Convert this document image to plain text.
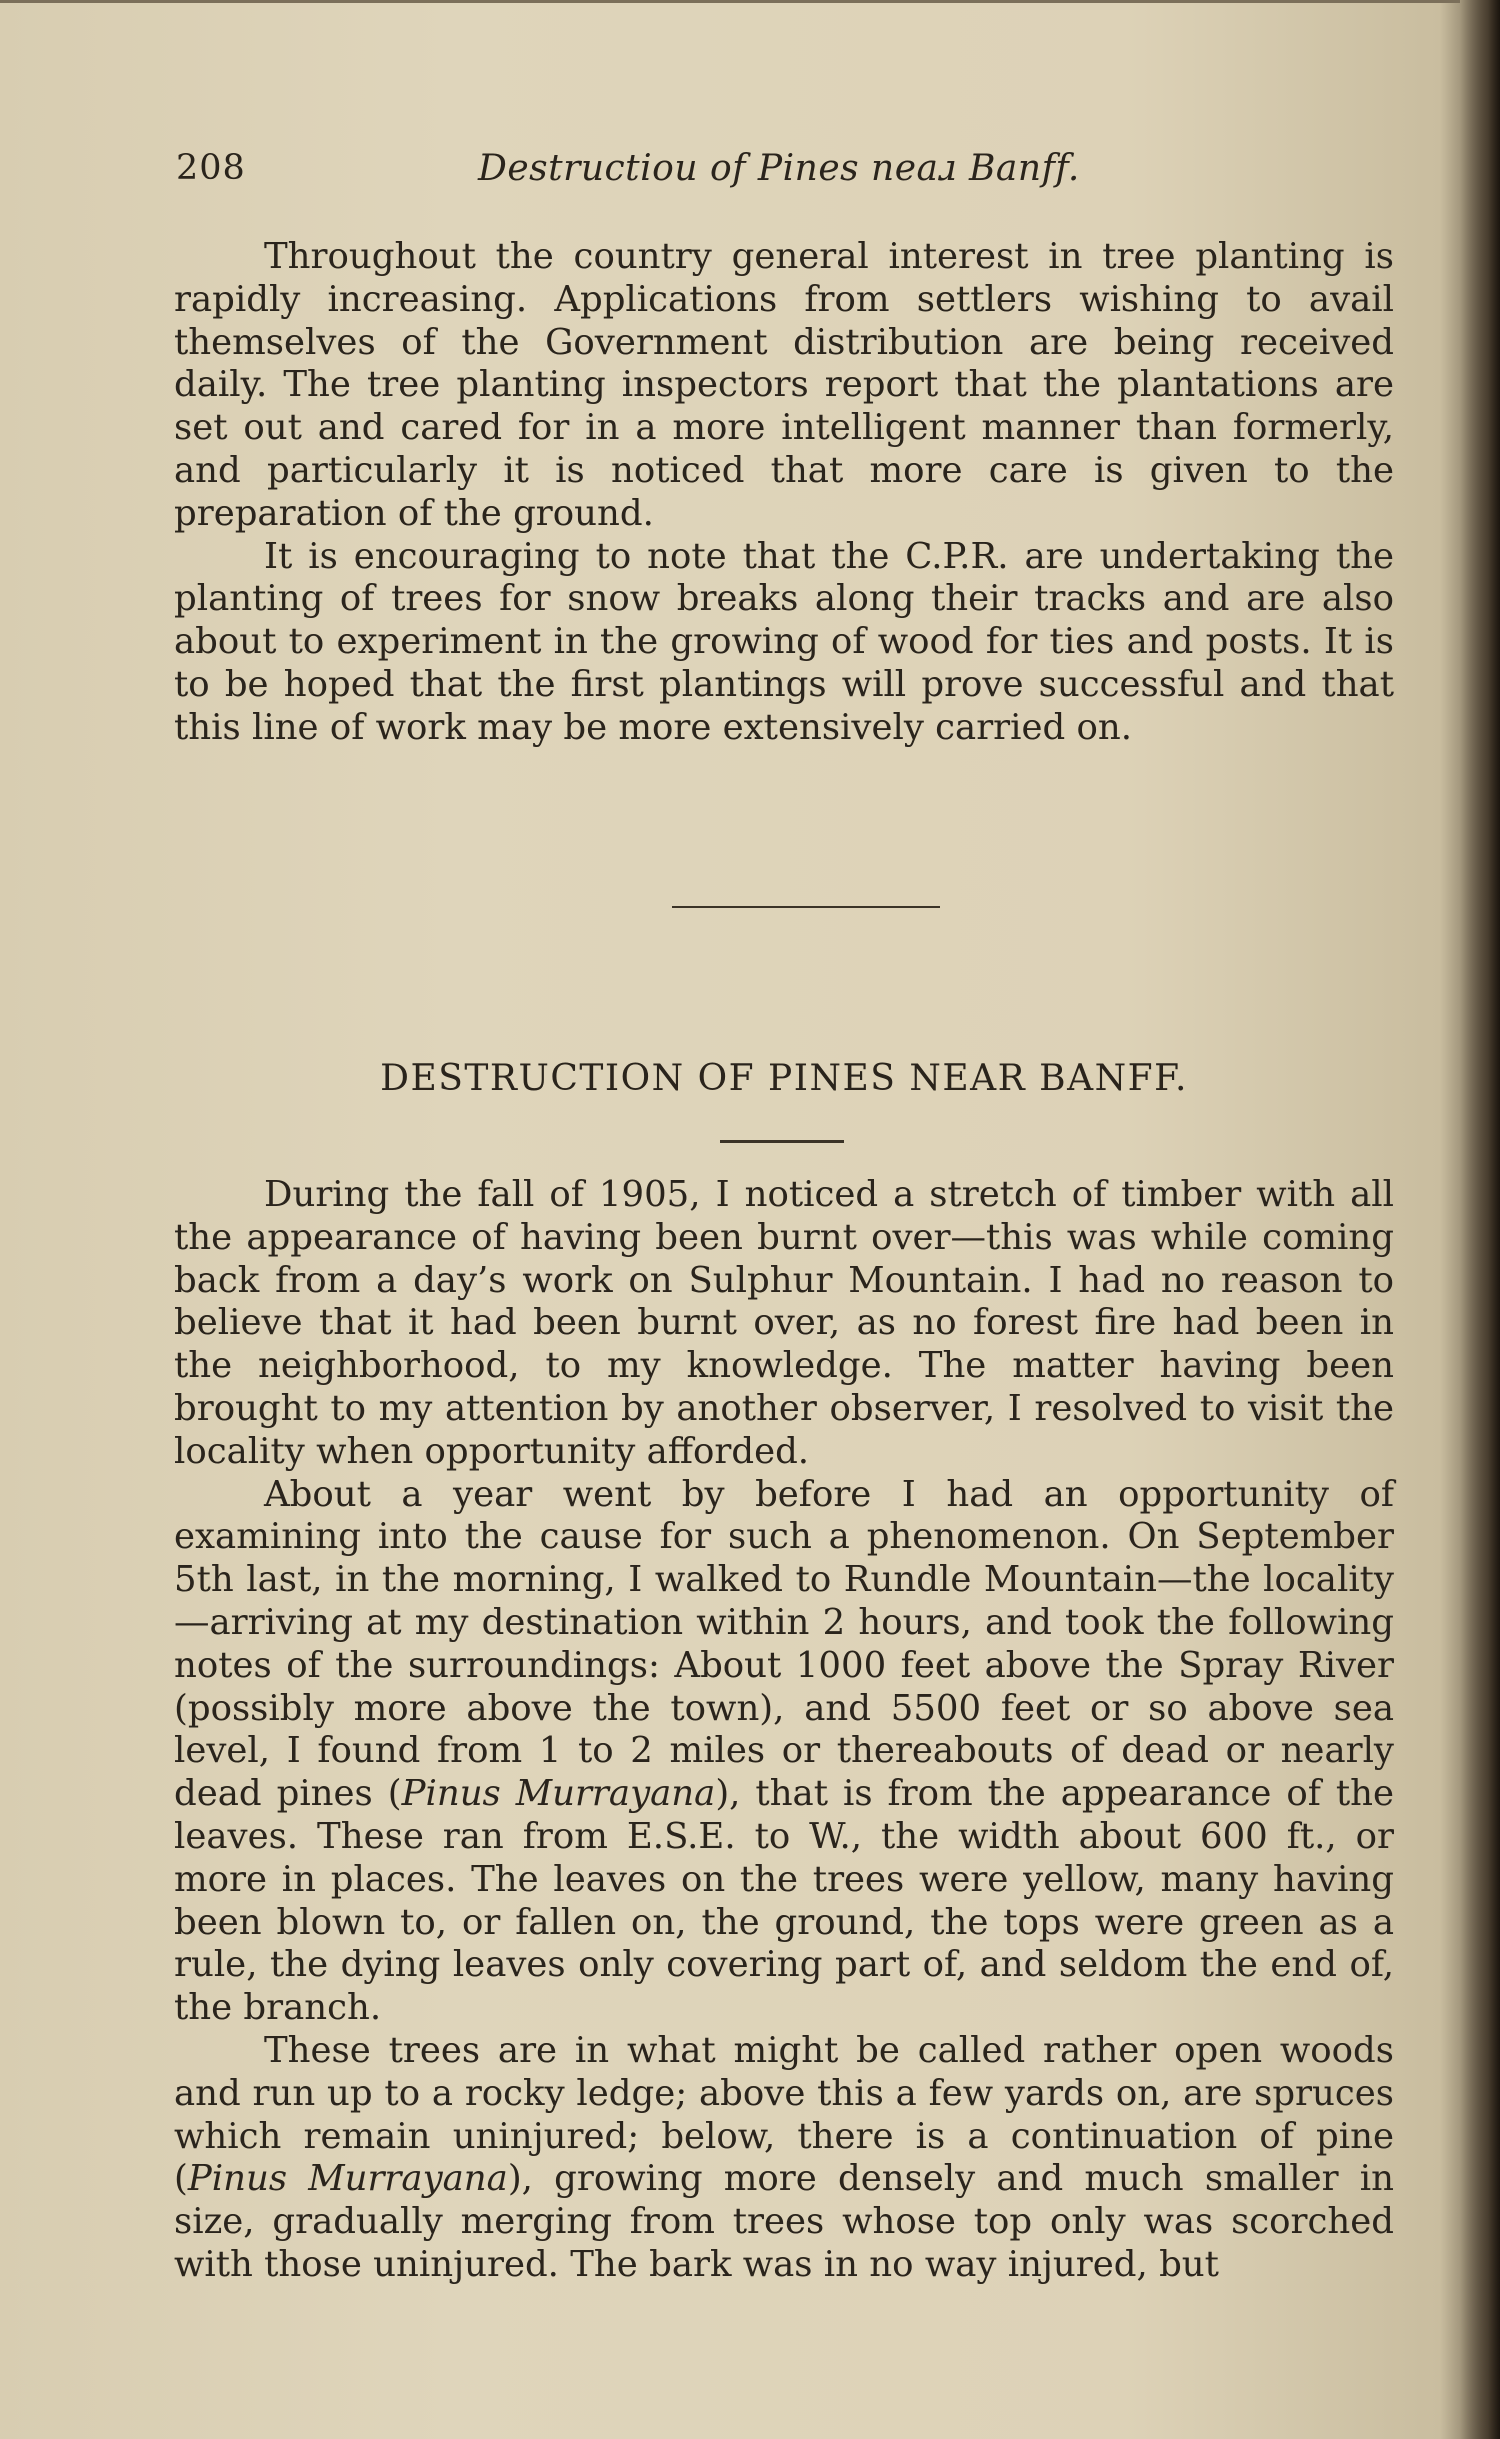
208	Destructiou of Pines neaɹ Banff.

Throughout the country general interest in tree planting is rapidly increasing. Applications from settlers wishing to avail themselves of the Government distribution are being received daily. The tree planting inspectors report that the plantations are set out and cared for in a more intelligent manner than formerly, and particularly it is noticed that more care is given to the preparation of the ground.

It is encouraging to note that the C.P.R. are undertaking the planting of trees for snow breaks along their tracks and are also about to experiment in the growing of wood for ties and posts. It is to be hoped that the first plantings will prove successful and that this line of work may be more extensively carried on.

DESTRUCTION OF PINES NEAR BANFF.

During the fall of 1905, I noticed a stretch of timber with all the appearance of having been burnt over—this was while coming back from a day’s work on Sulphur Mountain. I had no reason to believe that it had been burnt over, as no forest fire had been in the neighborhood, to my knowledge. The matter having been brought to my attention by another observer, I resolved to visit the locality when opportunity afforded.

About a year went by before I had an opportunity of examining into the cause for such a phenomenon. On September 5th last, in the morning, I walked to Rundle Mountain—the locality—arriving at my destination within 2 hours, and took the following notes of the surroundings: About 1000 feet above the Spray River (possibly more above the town), and 5500 feet or so above sea level, I found from 1 to 2 miles or thereabouts of dead or nearly dead pines (Pinus Murrayana), that is from the appearance of the leaves. These ran from E.S.E. to W., the width about 600 ft., or more in places. The leaves on the trees were yellow, many having been blown to, or fallen on, the ground, the tops were green as a rule, the dying leaves only covering part of, and seldom the end of, the branch.

These trees are in what might be called rather open woods and run up to a rocky ledge; above this a few yards on, are spruces which remain uninjured; below, there is a continuation of pine (Pinus Murrayana), growing more densely and much smaller in size, gradually merging from trees whose top only was scorched with those uninjured. The bark was in no way injured, but
